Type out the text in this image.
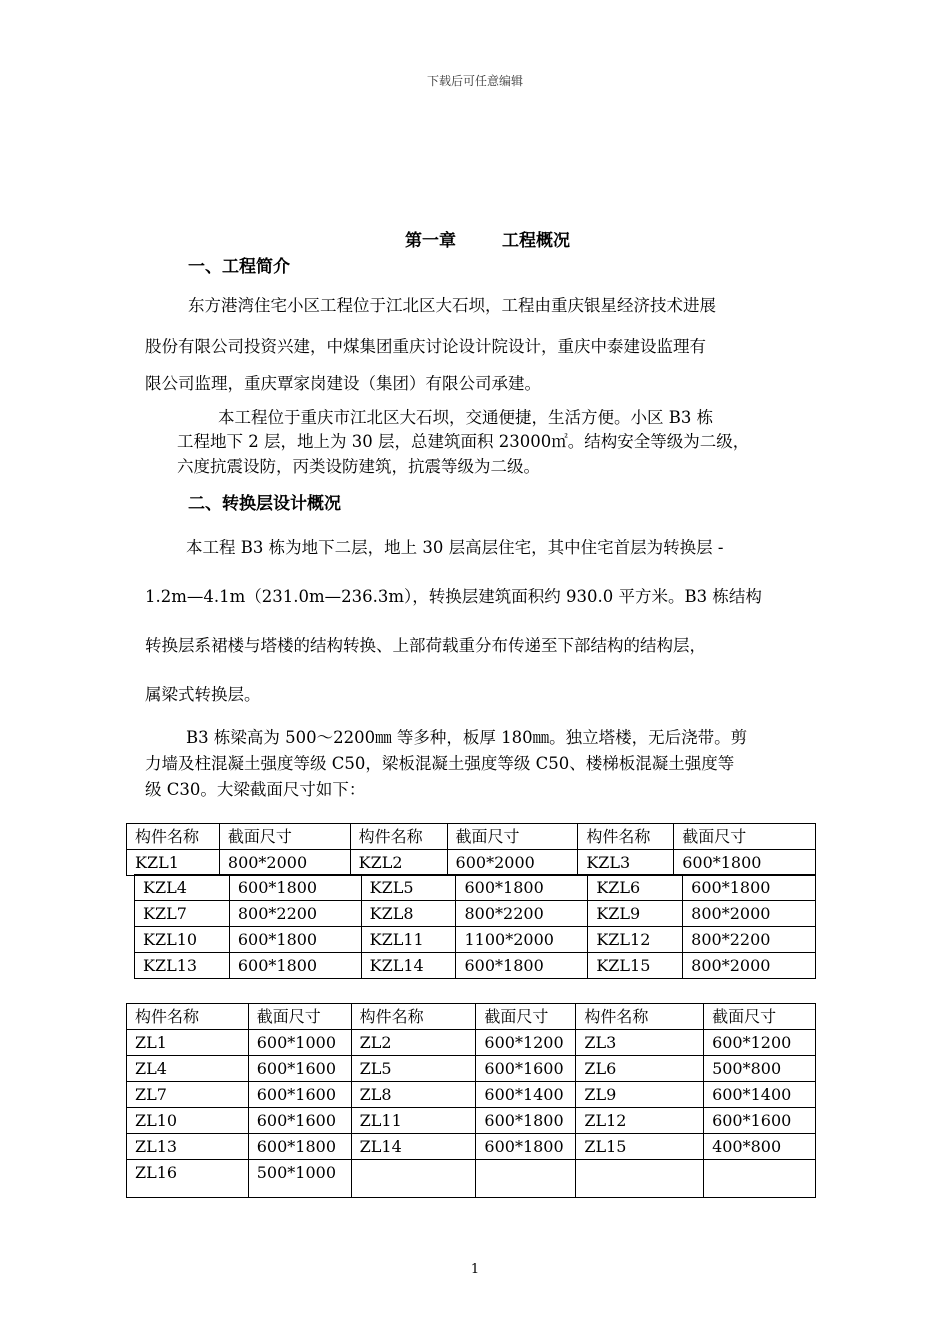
下载后可任意编辑
第一章	工程概况
一、工程简介
东方港湾住宅小区工程位于江北区大石坝，工程由重庆银星经济技术进展
股份有限公司投资兴建，中煤集团重庆讨论设计院设计，重庆中泰建设监理有
限公司监理，重庆覃家岗建设（集团）有限公司承建。
本工程位于重庆市江北区大石坝，交通便捷，生活方便。小区 B3 栋
工程地下 2 层，地上为 30 层，总建筑面积 23000㎡。结构安全等级为二级，
六度抗震设防，丙类设防建筑，抗震等级为二级。
二、转换层设计概况
本工程 B3 栋为地下二层，地上 30 层高层住宅，其中住宅首层为转换层 -
1.2m—4.1m（231.0m—236.3m），转换层建筑面积约 930.0 平方米。B3 栋结构
转换层系裙楼与塔楼的结构转换、上部荷载重分布传递至下部结构的结构层，
属梁式转换层。
B3 栋梁高为 500～2200㎜ 等多种，板厚 180㎜。独立塔楼，无后浇带。剪
力墙及柱混凝土强度等级 C50，梁板混凝土强度等级 C50、楼梯板混凝土强度等
级 C30。大梁截面尺寸如下：
构件名称	截面尺寸	构件名称	截面尺寸	构件名称	截面尺寸
KZL1	800*2000	KZL2	600*2000	KZL3	600*1800
KZL4	600*1800	KZL5	600*1800	KZL6	600*1800
KZL7	800*2200	KZL8	800*2200	KZL9	800*2000
KZL10	600*1800	KZL11	1100*2000	KZL12	800*2200
KZL13	600*1800	KZL14	600*1800	KZL15	800*2000
构件名称	截面尺寸	构件名称	截面尺寸	构件名称	截面尺寸
ZL1	600*1000	ZL2	600*1200	ZL3	600*1200
ZL4	600*1600	ZL5	600*1600	ZL6	500*800
ZL7	600*1600	ZL8	600*1400	ZL9	600*1400
ZL10	600*1600	ZL11	600*1800	ZL12	600*1600
ZL13	600*1800	ZL14	600*1800	ZL15	400*800
ZL16	500*1000				
1
